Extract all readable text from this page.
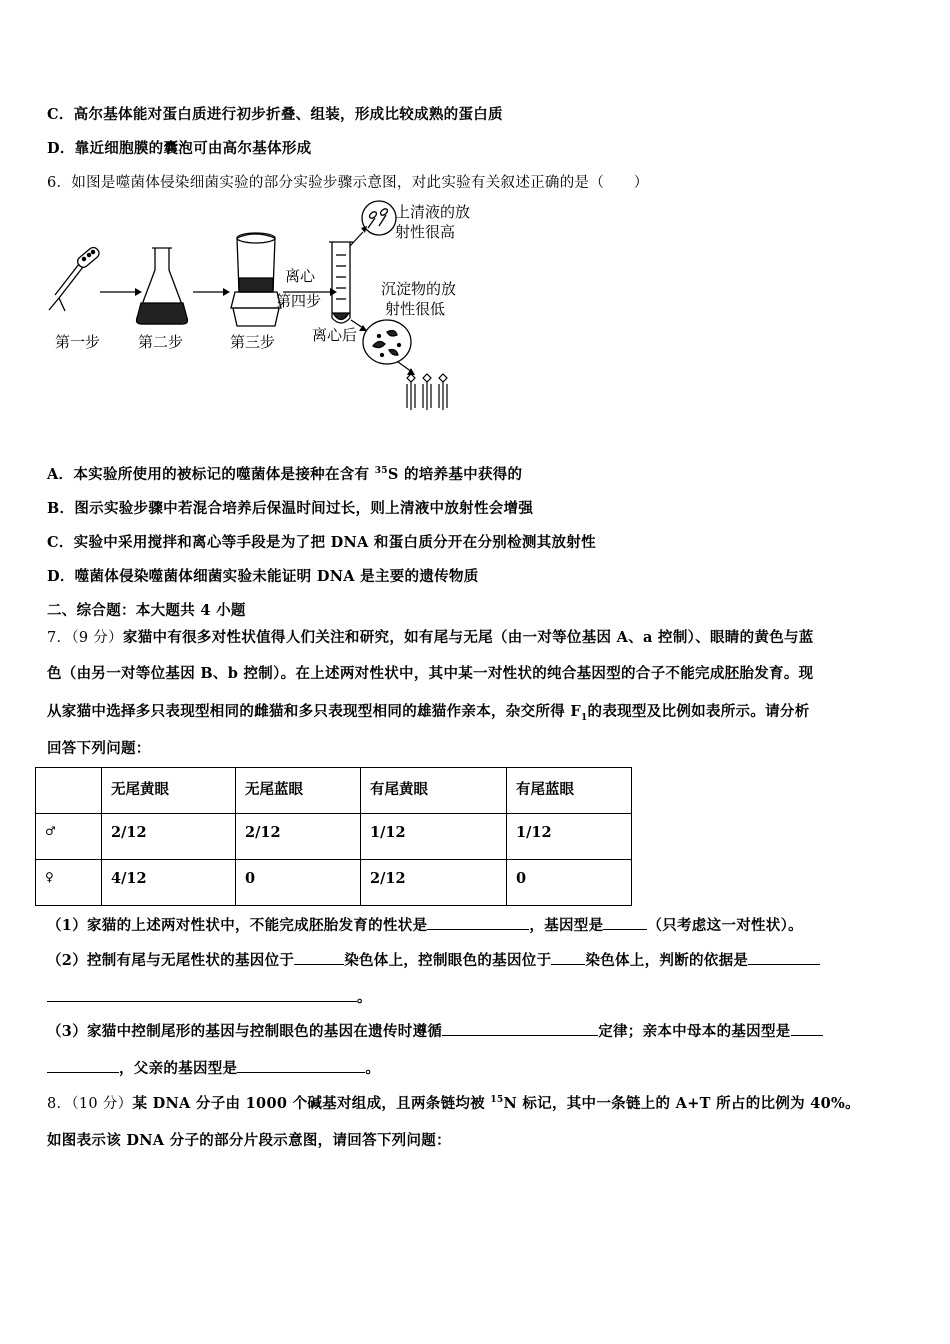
C．高尔基体能对蛋白质进行初步折叠、组装，形成比较成熟的蛋白质
D．靠近细胞膜的囊泡可由高尔基体形成
6．如图是噬菌体侵染细菌实验的部分实验步骤示意图，对此实验有关叙述正确的是（　　）
第一步	第二步	第三步
离心
第四步
离心后
上清液的放
射性很高
沉淀物的放
射性很低
A．本实验所使用的被标记的噬菌体是接种在含有 $^{35}$S 的培养基中获得的
B．图示实验步骤中若混合培养后保温时间过长，则上清液中放射性会增强
C．实验中采用搅拌和离心等手段是为了把 DNA 和蛋白质分开在分别检测其放射性
D．噬菌体侵染噬菌体细菌实验未能证明 DNA 是主要的遗传物质
二、综合题：本大题共 4 小题
7．（9 分）家猫中有很多对性状值得人们关注和研究，如有尾与无尾（由一对等位基因 A、a 控制）、眼睛的黄色与蓝
色（由另一对等位基因 B、b 控制）。在上述两对性状中，其中某一对性状的纯合基因型的合子不能完成胚胎发育。现
从家猫中选择多只表现型相同的雌猫和多只表现型相同的雄猫作亲本，杂交所得 $F_1$的表现型及比例如表所示。请分析
回答下列问题：
	无尾黄眼	无尾蓝眼	有尾黄眼	有尾蓝眼
♂	2/12	2/12	1/12	1/12
♀	4/12	0	2/12	0
（1）家猫的上述两对性状中，不能完成胚胎发育的性状是	，基因型是	（只考虑这一对性状）。
（2）控制有尾与无尾性状的基因位于	染色体上，控制眼色的基因位于 染色体上，判断的依据是
。
（3）家猫中控制尾形的基因与控制眼色的基因在遗传时遵循	定律；亲本中母本的基因型是
，父亲的基因型是	。
8．（10 分）某 DNA 分子由 1000 个碱基对组成，且两条链均被 $^{15}$N 标记，其中一条链上的 A+T 所占的比例为 40%。
如图表示该 DNA 分子的部分片段示意图，请回答下列问题：
